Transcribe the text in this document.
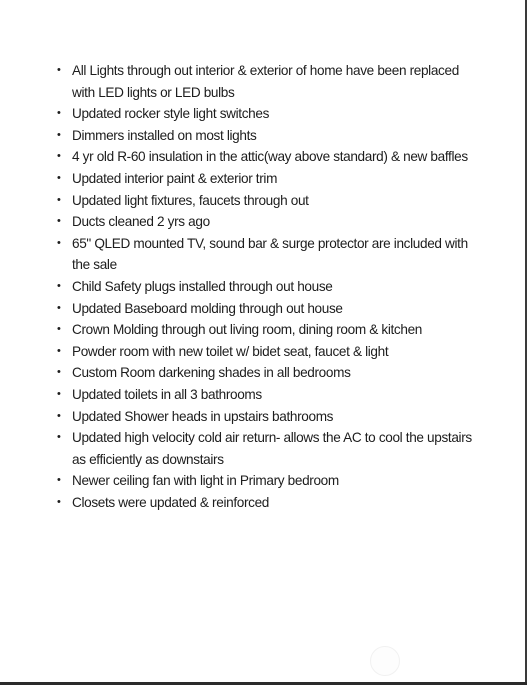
• All Lights through out interior & exterior of home have been replaced with LED lights or LED bulbs
• Updated rocker style light switches
• Dimmers installed on most lights
• 4 yr old R-60 insulation in the attic(way above standard) & new baffles
• Updated interior paint & exterior trim
• Updated light fixtures, faucets through out
• Ducts cleaned 2 yrs ago
• 65" QLED mounted TV, sound bar & surge protector are included with the sale
• Child Safety plugs installed through out house
• Updated Baseboard molding through out house
• Crown Molding through out living room, dining room & kitchen
• Powder room with new toilet w/ bidet seat, faucet & light
• Custom Room darkening shades in all bedrooms
• Updated toilets in all 3 bathrooms
• Updated Shower heads in upstairs bathrooms
• Updated high velocity cold air return- allows the AC to cool the upstairs as efficiently as downstairs
• Newer ceiling fan with light in Primary bedroom
• Closets were updated & reinforced
